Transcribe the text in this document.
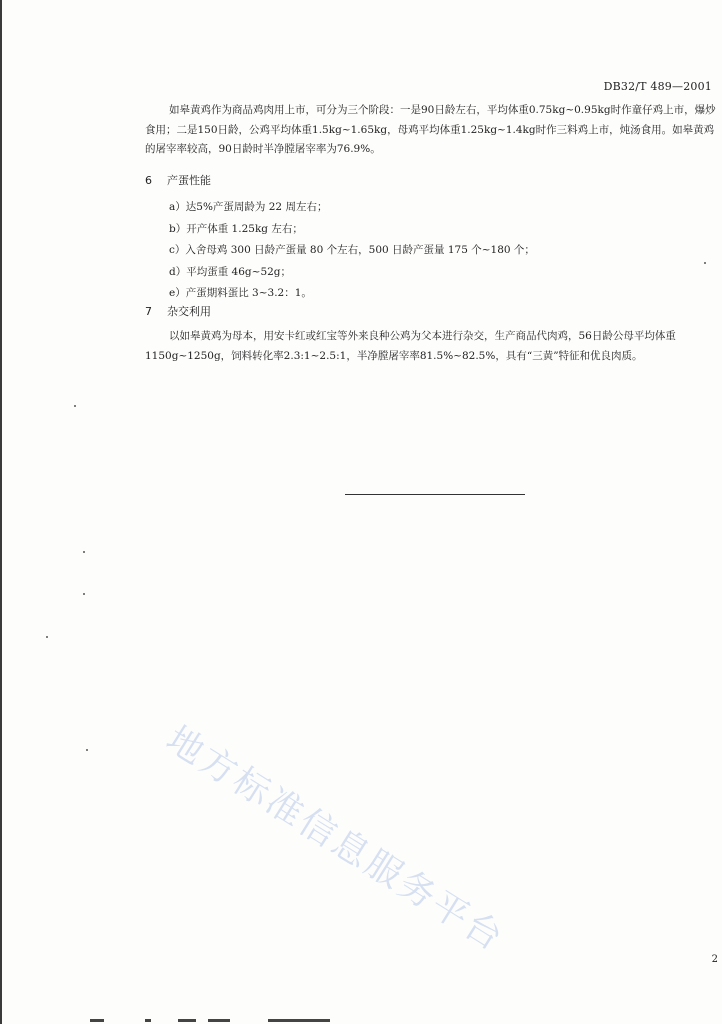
DB32/T 489—2001

如皋黄鸡作为商品鸡肉用上市，可分为三个阶段：一是90日龄左右，平均体重0.75kg~0.95kg时作童仔鸡上市，爆炒食用；二是150日龄，公鸡平均体重1.5kg~1.65kg，母鸡平均体重1.25kg~1.4kg时作三料鸡上市，炖汤食用。如皋黄鸡的屠宰率较高，90日龄时半净膛屠宰率为76.9%。

6 产蛋性能
a）达5%产蛋周龄为 22 周左右；
b）开产体重 1.25kg 左右；
c）入舍母鸡 300 日龄产蛋量 80 个左右，500 日龄产蛋量 175 个~180 个；
d）平均蛋重 46g~52g；
e）产蛋期料蛋比 3~3.2：1。
7 杂交利用

以如皋黄鸡为母本，用安卡红或红宝等外来良种公鸡为父本进行杂交，生产商品代肉鸡，56日龄公母平均体重1150g~1250g，饲料转化率2.3:1~2.5:1，半净膛屠宰率81.5%~82.5%，具有“三黄”特征和优良肉质。

地方标准信息服务平台	2
